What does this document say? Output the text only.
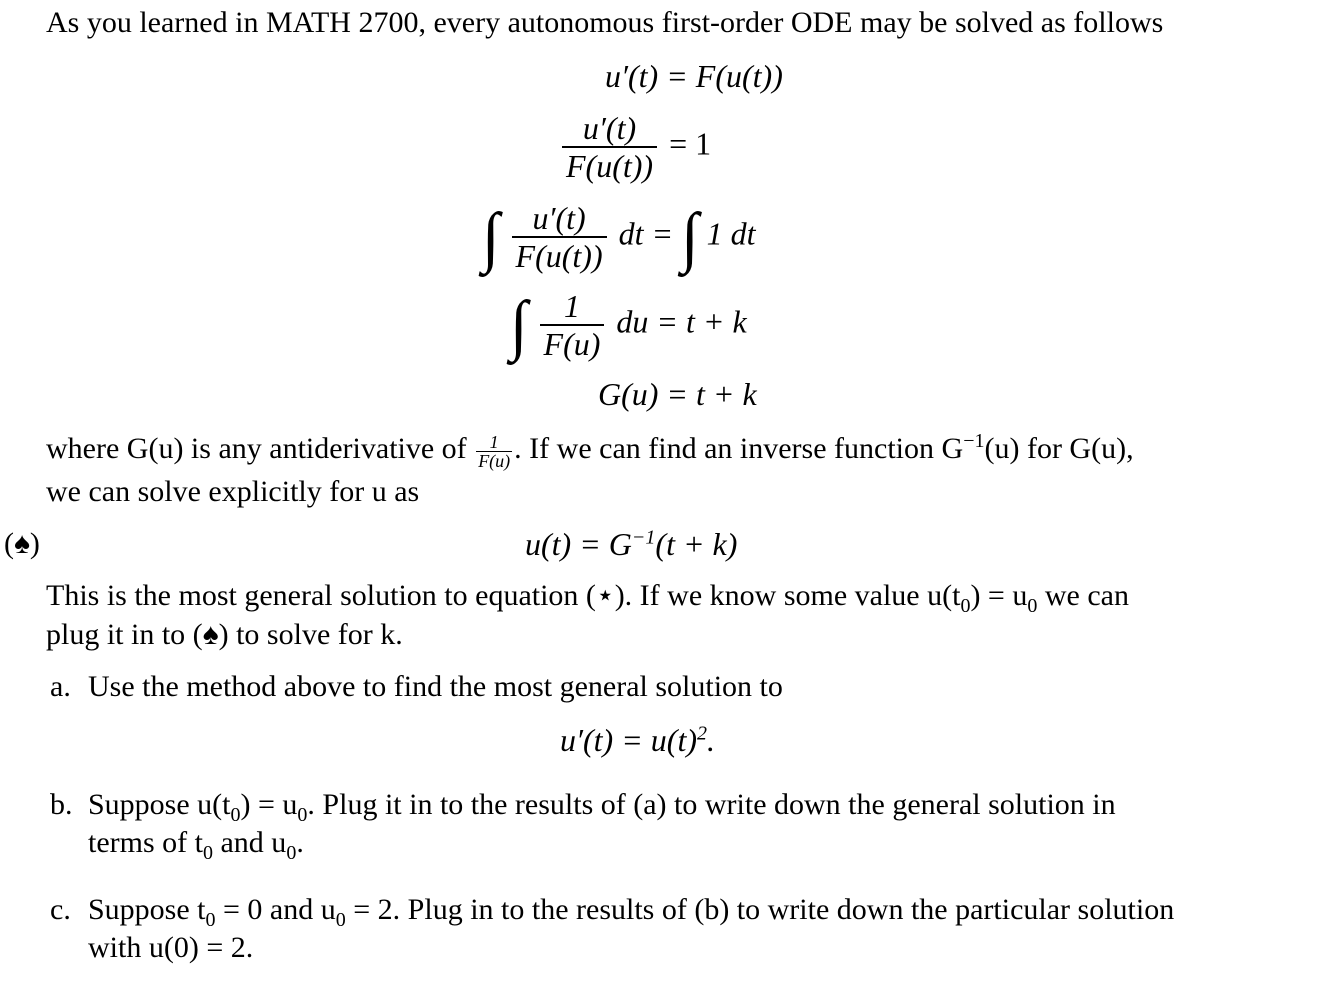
As you learned in MATH 2700, every autonomous first-order ODE may be solved as follows
u′(t) = F(u(t))
$\frac{u'(t)}{F(u(t))} = 1$
∫ $\frac{u'(t)}{F(u(t))}$ dt = ∫ 1 dt
∫ $\frac{1}{F(u)}$ du = t + k
G(u) = t + k
where G(u) is any antiderivative of $\frac{1}{F(u)}$ . If we can find an inverse function $G^{-1}(u)$ for G(u),
we can solve explicitly for u as
(♠)	$u(t) = G^{-1}(t + k)$
This is the most general solution to equation (⋆). If we know some value $u(t_0) = u_0$ we can
plug it in to (♠) to solve for k.
a. Use the method above to find the most general solution to
$u'(t) = u(t)^2$.
b. Suppose $u(t_0) = u_0$. Plug it in to the results of (a) to write down the general solution in
terms of $t_0$ and $u_0$.
c. Suppose $t_0 = 0$ and $u_0 = 2$. Plug in to the results of (b) to write down the particular solution
with u(0) = 2.
